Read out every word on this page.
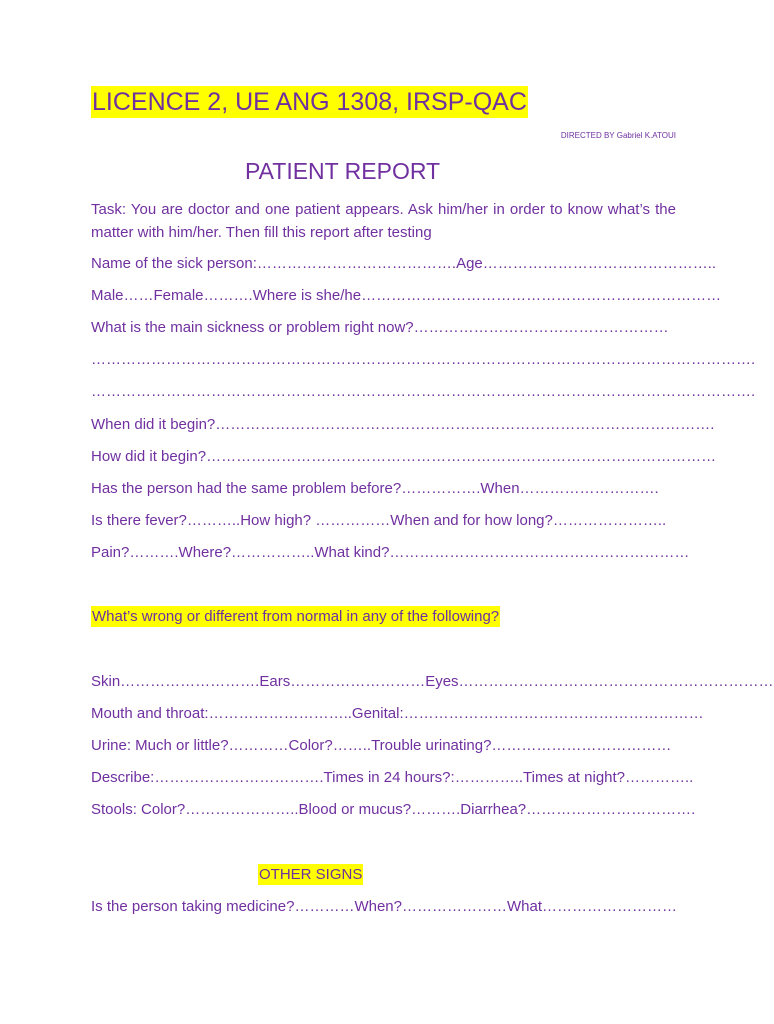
LICENCE 2, UE ANG 1308, IRSP-QAC
DIRECTED BY Gabriel K.ATOUI
PATIENT REPORT
Task: You are doctor and one patient appears. Ask him/her in order to know what’s the matter with him/her. Then fill this report after testing
Name of the sick person:………………………………….Age………………………………………..
Male……Female……….Where is she/he………………………………………………………………
What is the main sickness or problem right now?……………………………………………
…………………………………………………………………………………………………………………….
…………………………………………………………………………………………………………………….
When did it begin?……………………………………………………………………………………….
How did it begin?…………………………………………………………………………………………
Has the person had the same problem before?…………….When……………………….
Is there fever?………..How high? ……………When and for how long?…………………..
Pain?……….Where?……………..What kind?……………………………………………………
What’s wrong or different from normal in any of the following?
Skin……………………….Ears………………………Eyes………………………………………………………
Mouth and throat:………………………..Genital:……………………………………………………
Urine: Much or little?…………Color?……..Trouble urinating?………………………………
Describe:…………………………….Times in 24 hours?:…………..Times at night?…………..
Stools: Color?…………………..Blood or mucus?……….Diarrhea?…………………………….
OTHER SIGNS
Is the person taking medicine?…………When?…………………What………………………
